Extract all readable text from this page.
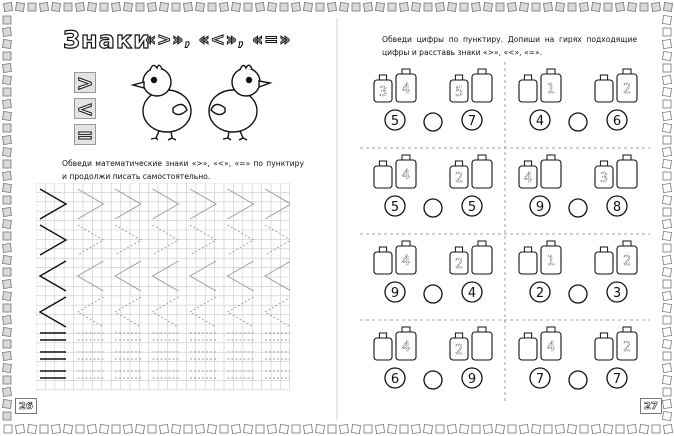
Знаки
«>», «<», «=»
>
<
=
Обведи математические знаки «>», «<», «=» по пунктиру и продолжи писать самостоятельно.
26
Обведи цифры по пунктиру. Допиши на гирях подходящие цифры и расставь знаки «>», «<», «=».
3 4	5
5	7
1	2
4	6
4	2
5	5
4	3
9	8
4	2
9	4
1	2
2	3
4	2
6	9
4	2
7	7
27
